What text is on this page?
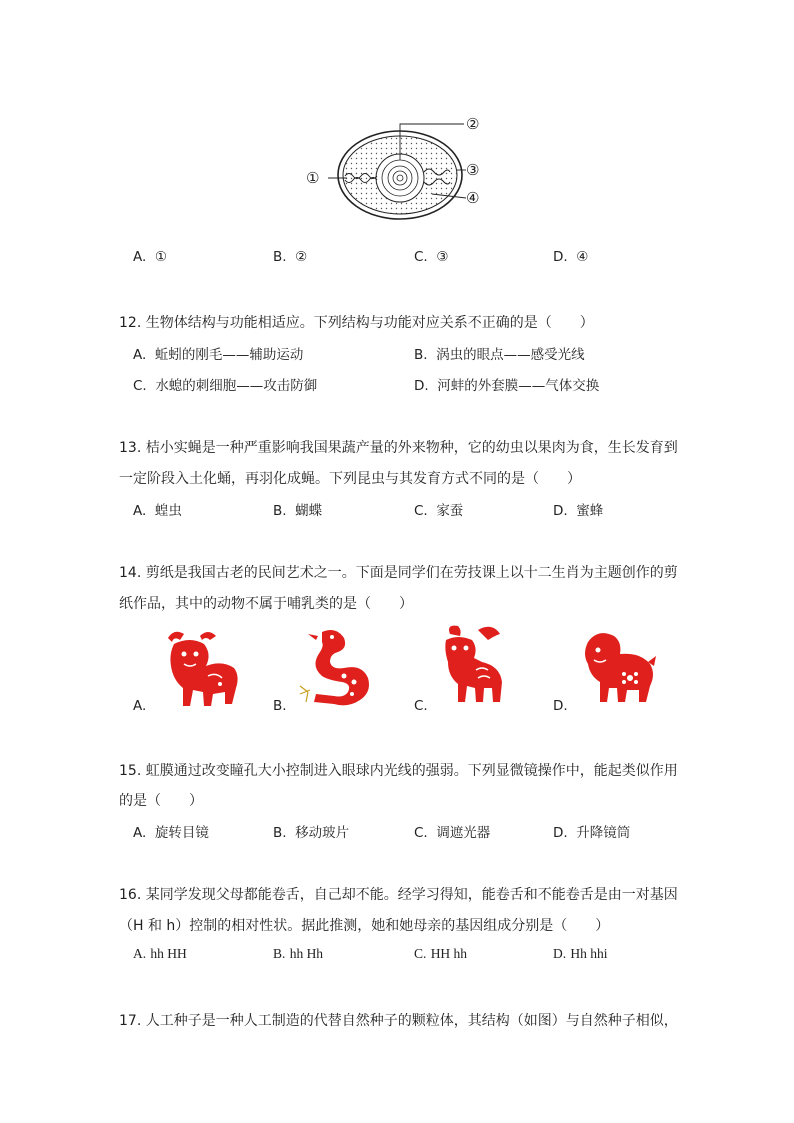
①
②
③
④
A. ①	B. ②	C. ③	D. ④
12. 生物体结构与功能相适应。下列结构与功能对应关系不正确的是（　　）
A. 蚯蚓的刚毛——辅助运动	B. 涡虫的眼点——感受光线
C. 水螅的刺细胞——攻击防御	D. 河蚌的外套膜——气体交换
13. 桔小实蝇是一种严重影响我国果蔬产量的外来物种，它的幼虫以果肉为食，生长发育到
一定阶段入土化蛹，再羽化成蝇。下列昆虫与其发育方式不同的是（　　）
A. 蝗虫	B. 蝴蝶	C. 家蚕	D. 蜜蜂
14. 剪纸是我国古老的民间艺术之一。下面是同学们在劳技课上以十二生肖为主题创作的剪
纸作品，其中的动物不属于哺乳类的是（　　）
A.	B.	C.	D.
15. 虹膜通过改变瞳孔大小控制进入眼球内光线的强弱。下列显微镜操作中，能起类似作用
的是（　　）
A. 旋转目镜	B. 移动玻片	C. 调遮光器	D. 升降镜筒
16. 某同学发现父母都能卷舌，自己却不能。经学习得知，能卷舌和不能卷舌是由一对基因
（H 和 h）控制的相对性状。据此推测，她和她母亲的基因组成分别是（　　）
A. hh HH	B. hh Hh	C. HH hh	D. Hh hhi
17. 人工种子是一种人工制造的代替自然种子的颗粒体，其结构（如图）与自然种子相似，
